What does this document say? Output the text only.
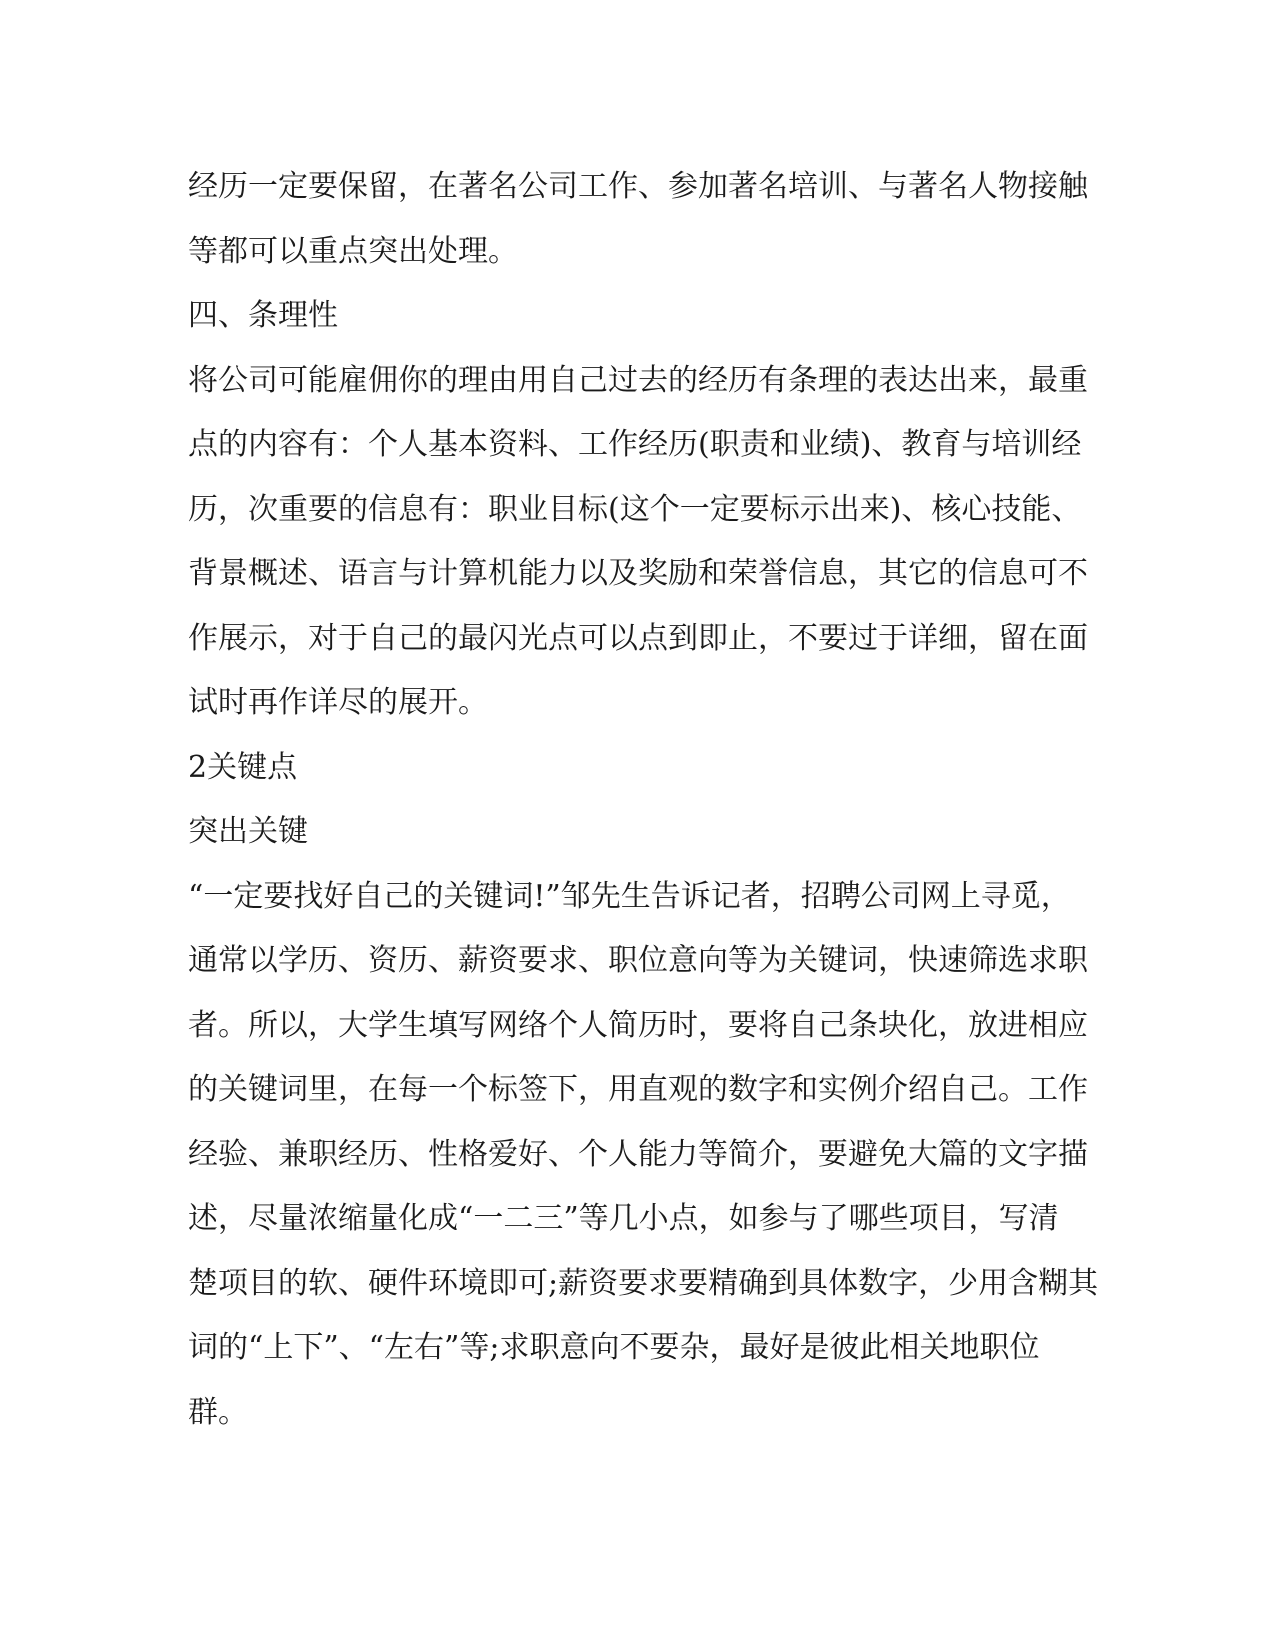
经历一定要保留，在著名公司工作、参加著名培训、与著名人物接触
等都可以重点突出处理。
四、条理性
将公司可能雇佣你的理由用自己过去的经历有条理的表达出来，最重
点的内容有：个人基本资料、工作经历(职责和业绩)、教育与培训经
历，次重要的信息有：职业目标(这个一定要标示出来)、核心技能、
背景概述、语言与计算机能力以及奖励和荣誉信息，其它的信息可不
作展示，对于自己的最闪光点可以点到即止，不要过于详细，留在面
试时再作详尽的展开。
2关键点
突出关键
“一定要找好自己的关键词!”邹先生告诉记者，招聘公司网上寻觅，
通常以学历、资历、薪资要求、职位意向等为关键词，快速筛选求职
者。所以，大学生填写网络个人简历时，要将自己条块化，放进相应
的关键词里，在每一个标签下，用直观的数字和实例介绍自己。工作
经验、兼职经历、性格爱好、个人能力等简介，要避免大篇的文字描
述，尽量浓缩量化成“一二三”等几小点，如参与了哪些项目，写清
楚项目的软、硬件环境即可;薪资要求要精确到具体数字，少用含糊其
词的“上下”、“左右”等;求职意向不要杂，最好是彼此相关地职位
群。
